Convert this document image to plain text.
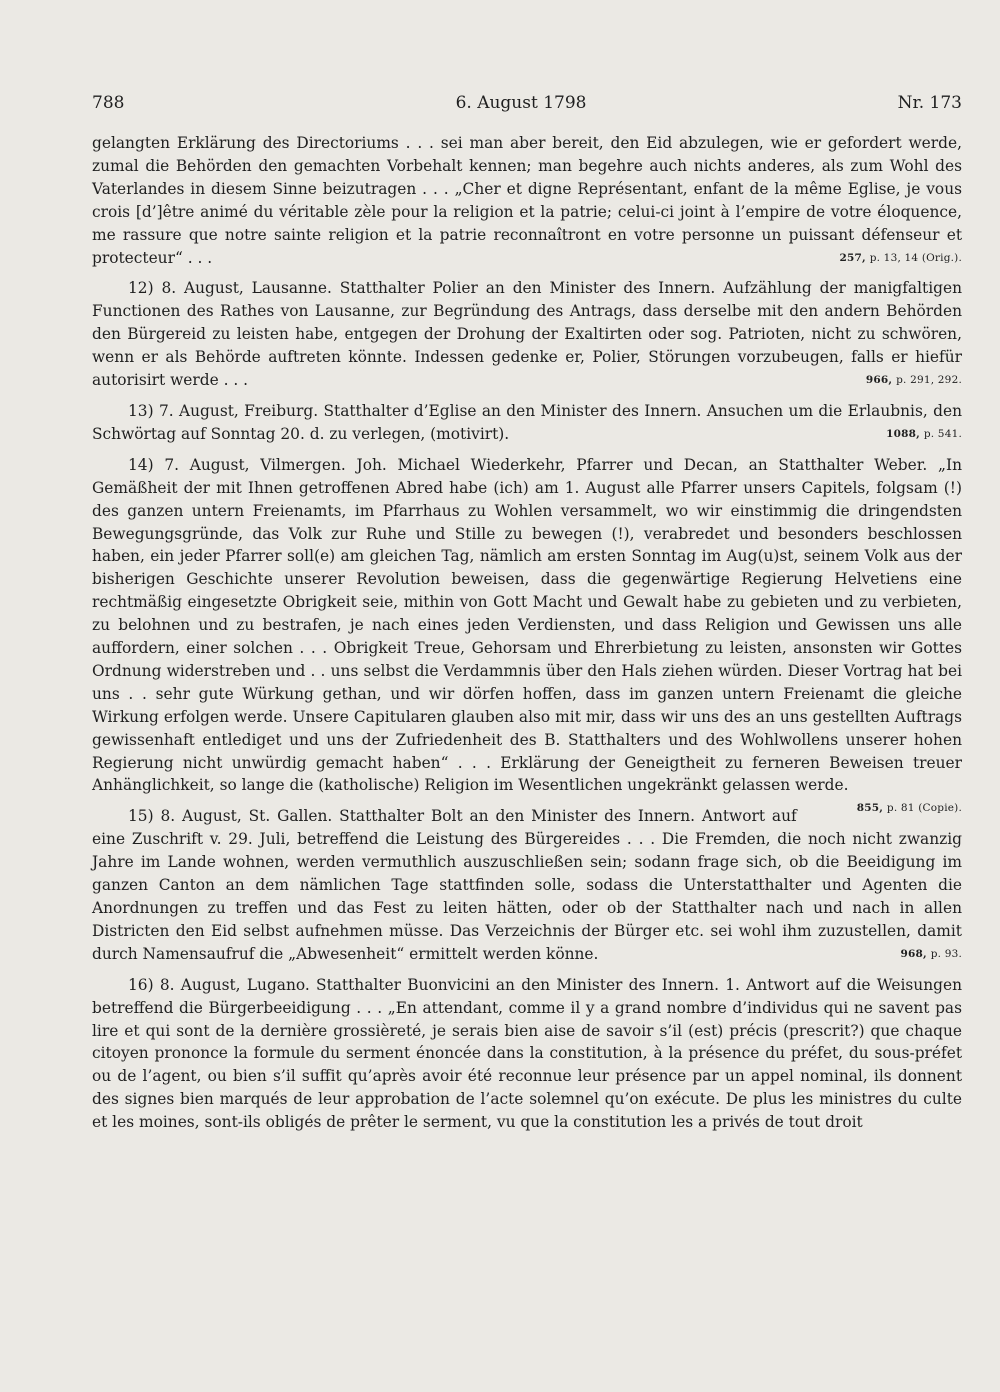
788	6. August 1798	Nr. 173

gelangten Erklärung des Directoriums . . . sei man aber bereit, den Eid abzulegen, wie er gefordert werde, zumal die Behörden den gemachten Vorbehalt kennen; man begehre auch nichts anderes, als zum Wohl des Vaterlandes in diesem Sinne beizutragen . . . „Cher et digne Représentant, enfant de la même Eglise, je vous crois [d’]être animé du véritable zèle pour la religion et la patrie; celui-ci joint à l’empire de votre éloquence, me rassure que notre sainte religion et la patrie reconnaîtront en votre personne un puissant défenseur et protecteur“ . . .	257, p. 13, 14 (Orig.).

12) 8. August, Lausanne. Statthalter Polier an den Minister des Innern. Aufzählung der manigfaltigen Functionen des Rathes von Lausanne, zur Begründung des Antrags, dass derselbe mit den andern Behörden den Bürgereid zu leisten habe, entgegen der Drohung der Exaltirten oder sog. Patrioten, nicht zu schwören, wenn er als Behörde auftreten könnte. Indessen gedenke er, Polier, Störungen vorzubeugen, falls er hiefür autorisirt werde . . .	966, p. 291, 292.

13) 7. August, Freiburg. Statthalter d’Eglise an den Minister des Innern. Ansuchen um die Erlaubnis, den Schwörtag auf Sonntag 20. d. zu verlegen, (motivirt).	1088, p. 541.

14) 7. August, Vilmergen. Joh. Michael Wiederkehr, Pfarrer und Decan, an Statthalter Weber. „In Gemäßheit der mit Ihnen getroffenen Abred habe (ich) am 1. August alle Pfarrer unsers Capitels, folgsam (!) des ganzen untern Freienamts, im Pfarrhaus zu Wohlen versammelt, wo wir einstimmig die dringendsten Bewegungsgründe, das Volk zur Ruhe und Stille zu bewegen (!), verabredet und besonders beschlossen haben, ein jeder Pfarrer soll(e) am gleichen Tag, nämlich am ersten Sonntag im Aug(u)st, seinem Volk aus der bisherigen Geschichte unserer Revolution beweisen, dass die gegenwärtige Regierung Helvetiens eine rechtmäßig eingesetzte Obrigkeit seie, mithin von Gott Macht und Gewalt habe zu gebieten und zu verbieten, zu belohnen und zu bestrafen, je nach eines jeden Verdiensten, und dass Religion und Gewissen uns alle auffordern, einer solchen . . . Obrigkeit Treue, Gehorsam und Ehrerbietung zu leisten, ansonsten wir Gottes Ordnung widerstreben und . . uns selbst die Verdammnis über den Hals ziehen würden. Dieser Vortrag hat bei uns . . sehr gute Würkung gethan, und wir dörfen hoffen, dass im ganzen untern Freienamt die gleiche Wirkung erfolgen werde. Unsere Capitularen glauben also mit mir, dass wir uns des an uns gestellten Auftrags gewissenhaft entlediget und uns der Zufriedenheit des B. Statthalters und des Wohlwollens unserer hohen Regierung nicht unwürdig gemacht haben“ . . . Erklärung der Geneigtheit zu ferneren Beweisen treuer Anhänglichkeit, so lange die (katholische) Religion im Wesentlichen ungekränkt gelassen werde.
855, p. 81 (Copie).

15) 8. August, St. Gallen. Statthalter Bolt an den Minister des Innern. Antwort auf eine Zuschrift v. 29. Juli, betreffend die Leistung des Bürgereides . . . Die Fremden, die noch nicht zwanzig Jahre im Lande wohnen, werden vermuthlich auszuschließen sein; sodann frage sich, ob die Beeidigung im ganzen Canton an dem nämlichen Tage stattfinden solle, sodass die Unterstatthalter und Agenten die Anordnungen zu treffen und das Fest zu leiten hätten, oder ob der Statthalter nach und nach in allen Districten den Eid selbst aufnehmen müsse. Das Verzeichnis der Bürger etc. sei wohl ihm zuzustellen, damit durch Namensaufruf die „Abwesenheit“ ermittelt werden könne.	968, p. 93.

16) 8. August, Lugano. Statthalter Buonvicini an den Minister des Innern. 1. Antwort auf die Weisungen betreffend die Bürgerbeeidigung . . . „En attendant, comme il y a grand nombre d’individus qui ne savent pas lire et qui sont de la dernière grossièreté, je serais bien aise de savoir s’il (est) précis (prescrit?) que chaque citoyen prononce la formule du serment énoncée dans la constitution, à la présence du préfet, du sous-préfet ou de l’agent, ou bien s’il suffit qu’après avoir été reconnue leur présence par un appel nominal, ils donnent des signes bien marqués de leur approbation de l’acte solemnel qu’on exécute. De plus les ministres du culte et les moines, sont-ils obligés de prêter le serment, vu que la constitution les a privés de tout droit
